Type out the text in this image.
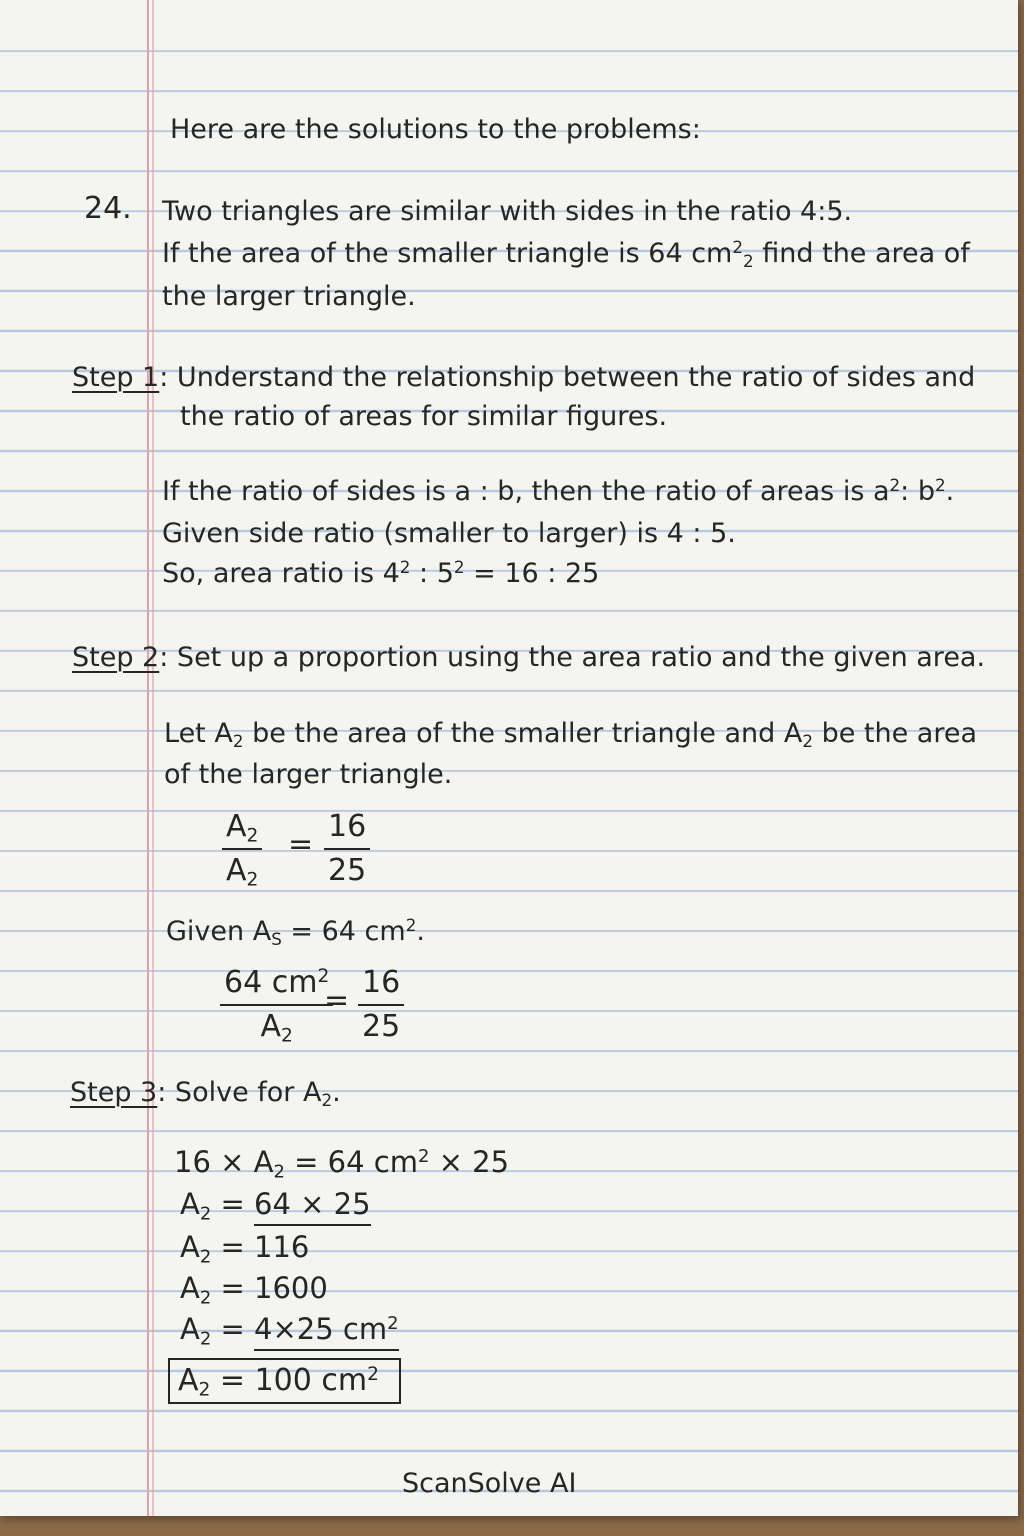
Here are the solutions to the problems:
24. Two triangles are similar with sides in the ratio 4:5.
If the area of the smaller triangle is 64 $cm^2_2$ find the area of
the larger triangle.
Step 1: Understand the relationship between the ratio of sides and
the ratio of areas for similar figures.
If the ratio of sides is a : b, then the ratio of areas is $a^2$: $b^2$.
Given side ratio (smaller to larger) is 4 : 5.
So, area ratio is $4^2$ : $5^2 = 16$ : 25
Step 2: Set up a proportion using the area ratio and the given area.
Let $A_2$ be the area of the smaller triangle and $A_2$ be the area
of the larger triangle.
$\frac{A_2}{A_2} = \frac{16}{25}$
Given $A_S = 64$ $cm^2$.
$\frac{64 cm^2}{A_2}$
= $\frac{16}{25}$
Step 3: Solve for $A_2$.
$16 \times A_2 = 64$ $cm^2 \times 25$
$A_2 = 64 \times 25$
$A_2 = 116$
$A_2 = 1600$
$A_2 = 4\times 25$ $cm^2$
$A_2 = 100$ $cm^2$
ScanSolve AI
